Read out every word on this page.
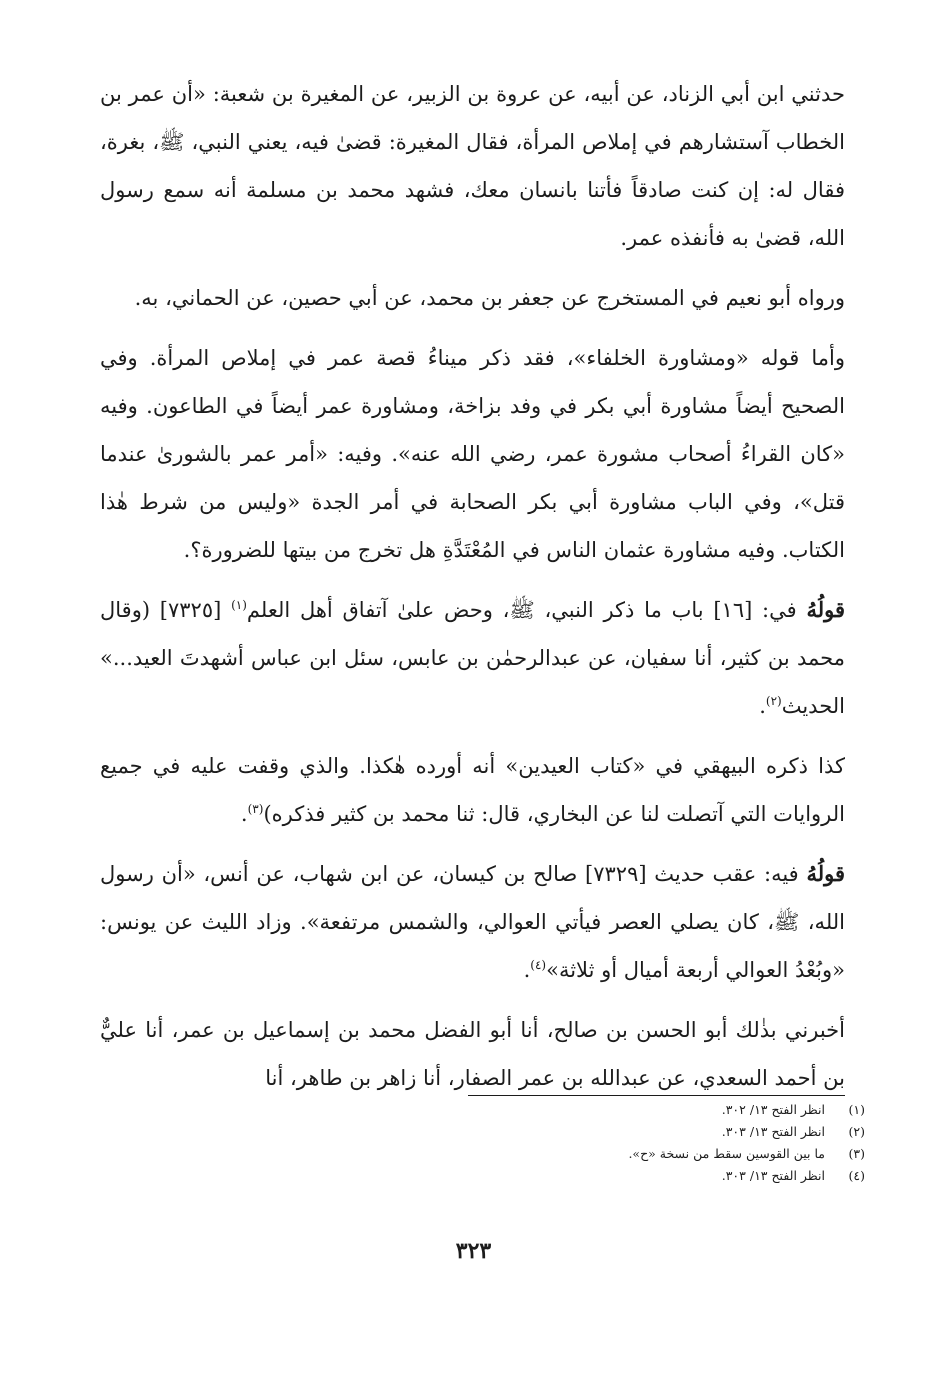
حدثني ابن أبي الزناد، عن أبيه، عن عروة بن الزبير، عن المغيرة بن شعبة: «أن عمر بن الخطاب آستشارهم في إملاص المرأة، فقال المغيرة: قضىٰ فيه، يعني النبي، ﷺ، بغرة، فقال له: إن كنت صادقاً فأتنا بانسان معك، فشهد محمد بن مسلمة أنه سمع رسول الله، قضىٰ به فأنفذه عمر.

ورواه أبو نعيم في المستخرج عن جعفر بن محمد، عن أبي حصين، عن الحماني، به.

وأما قوله «ومشاورة الخلفاء»، فقد ذكر ميناءُ قصة عمر في إملاص المرأة. وفي الصحيح أيضاً مشاورة أبي بكر في وفد بزاخة، ومشاورة عمر أيضاً في الطاعون. وفيه «كان القراءُ أصحاب مشورة عمر، رضي الله عنه». وفيه: «أمر عمر بالشورىٰ عندما قتل»، وفي الباب مشاورة أبي بكر الصحابة في أمر الجدة «وليس من شرط هٰذا الكتاب. وفيه مشاورة عثمان الناس في المُعْتَدَّةِ هل تخرج من بيتها للضرورة؟.

قولُهُ في: [١٦] باب ما ذكر النبي، ﷺ، وحض علىٰ آتفاق أهل العلم$^{(١)}$ [٧٣٢٥] (وقال محمد بن كثير، أنا سفيان، عن عبدالرحمٰن بن عابس، سئل ابن عباس أشهدتَ العيد...» الحديث$^{(٢)}$.

كذا ذكره البيهقي في «كتاب العيدين» أنه أورده هٰكذا. والذي وقفت عليه في جميع الروايات التي آتصلت لنا عن البخاري، قال: ثنا محمد بن كثير فذكره)$^{(٣)}$.

قولُهُ فيه: عقب حديث [٧٣٢٩] صالح بن كيسان، عن ابن شهاب، عن أنس، «أن رسول الله، ﷺ، كان يصلي العصر فيأتي العوالي، والشمس مرتفعة». وزاد الليث عن يونس: «وبُعْدُ العوالي أربعة أميال أو ثلاثة»$^{(٤)}$.

أخبرني بذٰلك أبو الحسن بن صالح، أنا أبو الفضل محمد بن إسماعيل بن عمر، أنا عليٌّ بن أحمد السعدي، عن عبدالله بن عمر الصفار، أنا زاهر بن طاهر، أنا

(١)انظر الفتح ١٣/ ٣٠٢.
(٢)انظر الفتح ١٣/ ٣٠٣.
(٣)ما بين القوسين سقط من نسخة «ح».
(٤)انظر الفتح ١٣/ ٣٠٣.
٣٢٣
